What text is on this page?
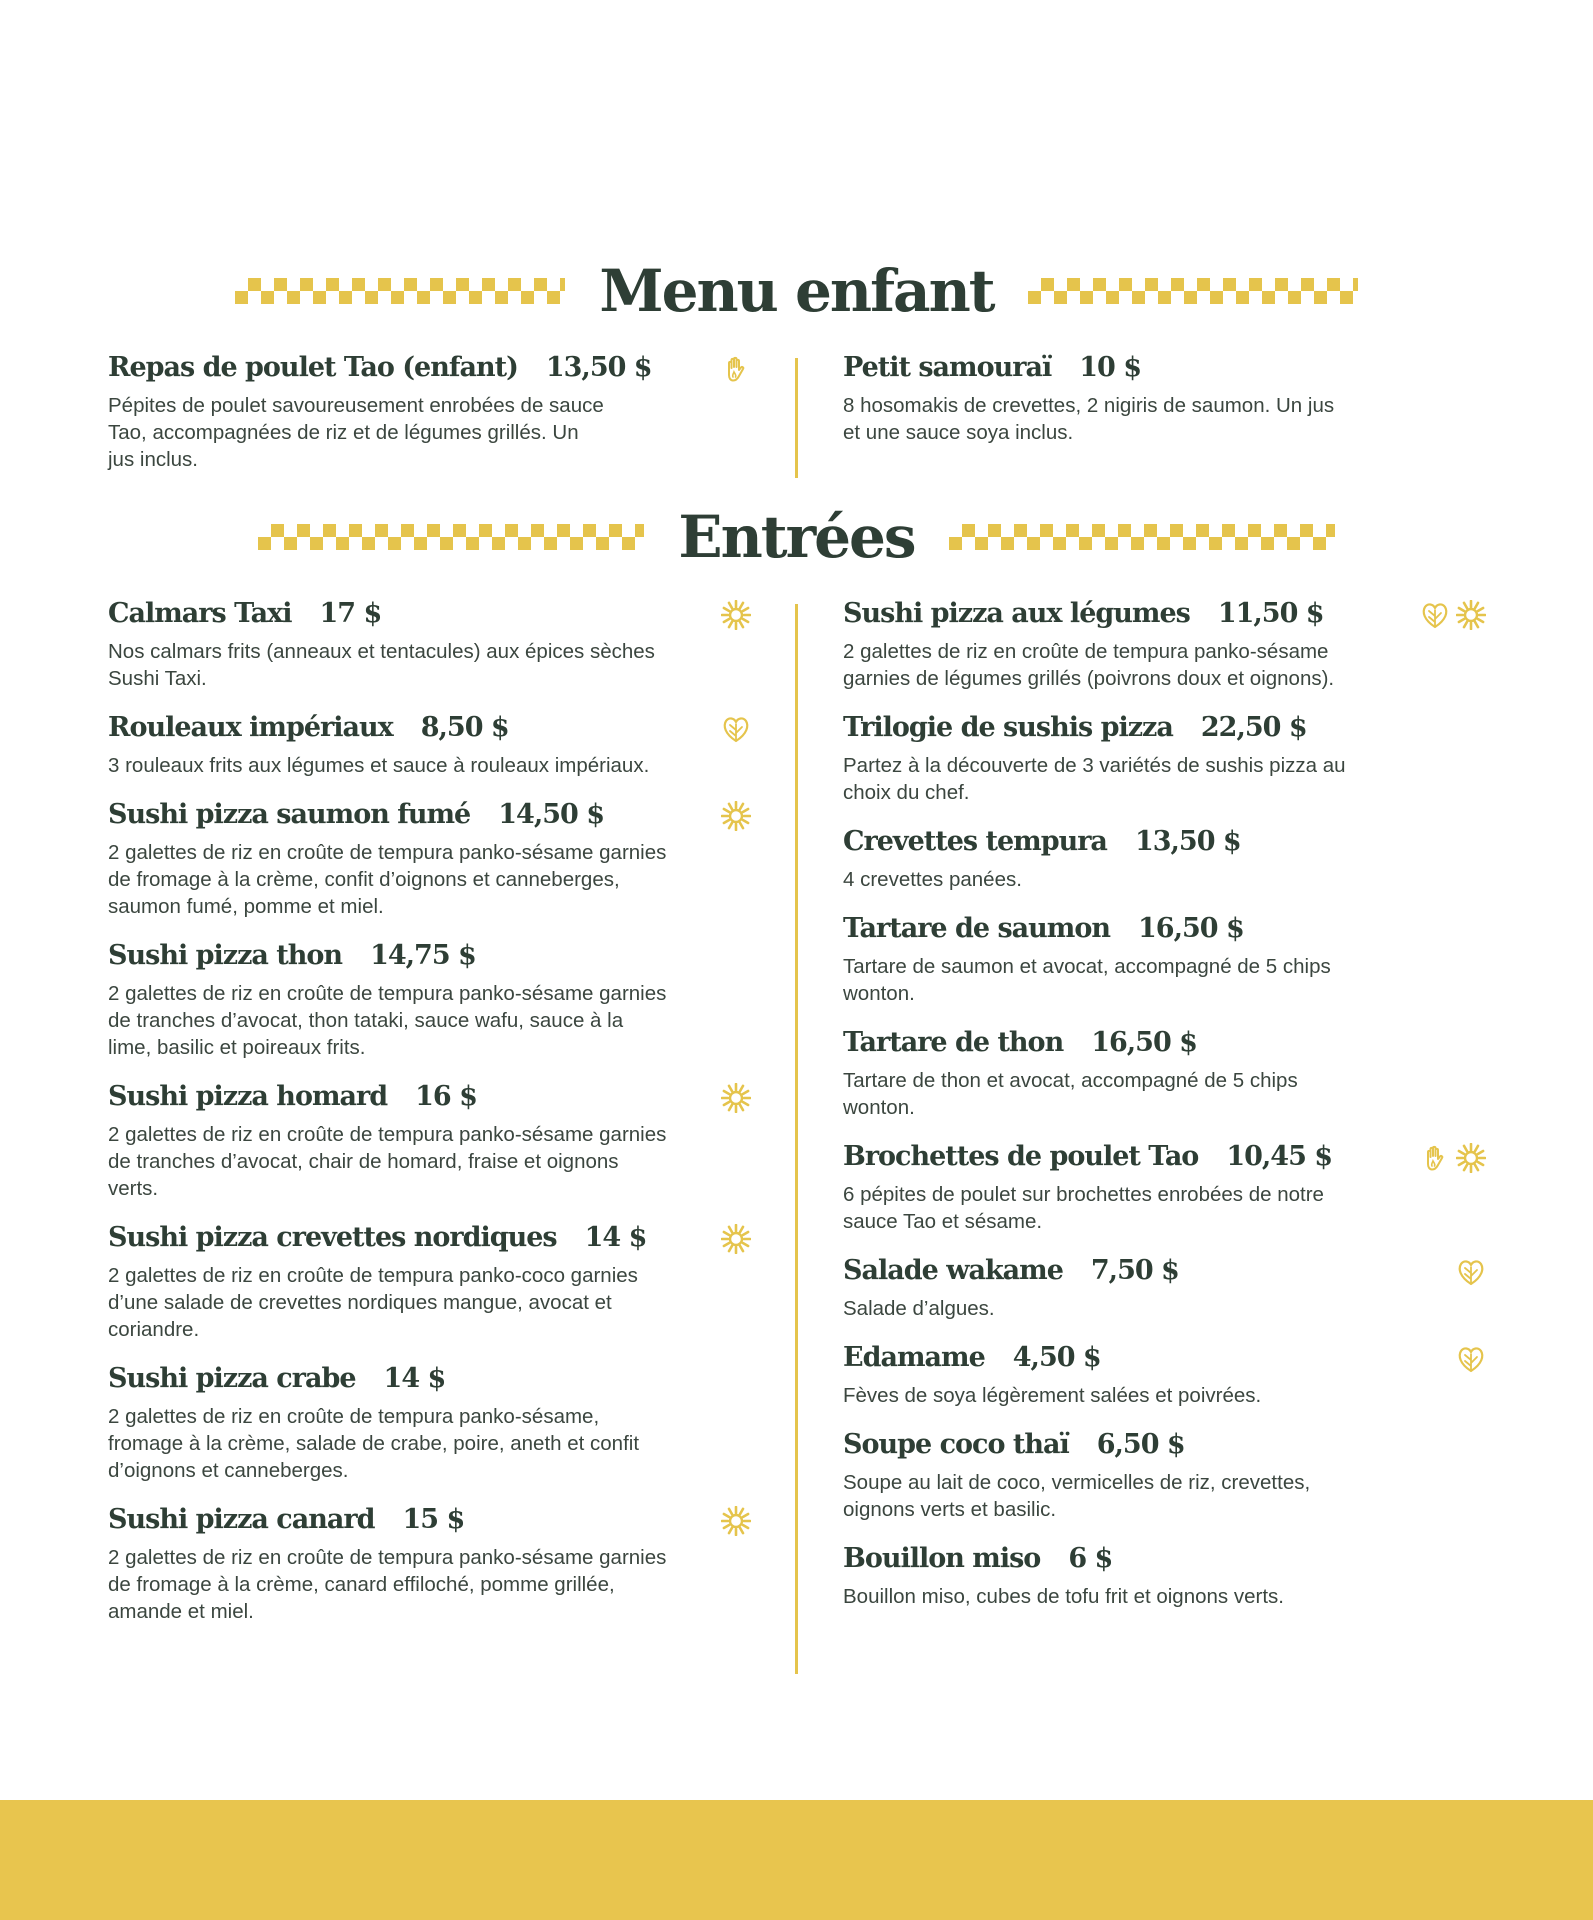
Menu enfant
Repas de poulet Tao (enfant) 13,50 $

Pépites de poulet savoureusement enrobées de sauce Tao, accompagnées de riz et de légumes grillés. Un jus inclus.

Petit samouraï 10 $

8 hosomakis de crevettes, 2 nigiris de saumon. Un jus et une sauce soya inclus.

Entrées
Calmars Taxi 17 $

Nos calmars frits (anneaux et tentacules) aux épices sèches Sushi Taxi.

Rouleaux impériaux 8,50 $

3 rouleaux frits aux légumes et sauce à rouleaux impériaux.

Sushi pizza saumon fumé 14,50 $

2 galettes de riz en croûte de tempura panko-sésame garnies de fromage à la crème, confit d’oignons et canneberges, saumon fumé, pomme et miel.

Sushi pizza thon 14,75 $

2 galettes de riz en croûte de tempura panko-sésame garnies de tranches d’avocat, thon tataki, sauce wafu, sauce à la lime, basilic et poireaux frits.

Sushi pizza homard 16 $

2 galettes de riz en croûte de tempura panko-sésame garnies de tranches d’avocat, chair de homard, fraise et oignons verts.

Sushi pizza crevettes nordiques 14 $

2 galettes de riz en croûte de tempura panko-coco garnies d’une salade de crevettes nordiques mangue, avocat et coriandre.

Sushi pizza crabe 14 $

2 galettes de riz en croûte de tempura panko-sésame, fromage à la crème, salade de crabe, poire, aneth et confit d’oignons et canneberges.

Sushi pizza canard 15 $

2 galettes de riz en croûte de tempura panko-sésame garnies de fromage à la crème, canard effiloché, pomme grillée, amande et miel.

Sushi pizza aux légumes 11,50 $

2 galettes de riz en croûte de tempura panko-sésame garnies de légumes grillés (poivrons doux et oignons).

Trilogie de sushis pizza 22,50 $

Partez à la découverte de 3 variétés de sushis pizza au choix du chef.

Crevettes tempura 13,50 $

4 crevettes panées.

Tartare de saumon 16,50 $

Tartare de saumon et avocat, accompagné de 5 chips wonton.

Tartare de thon 16,50 $

Tartare de thon et avocat, accompagné de 5 chips wonton.

Brochettes de poulet Tao 10,45 $

6 pépites de poulet sur brochettes enrobées de notre sauce Tao et sésame.

Salade wakame 7,50 $

Salade d’algues.

Edamame 4,50 $

Fèves de soya légèrement salées et poivrées.

Soupe coco thaï 6,50 $

Soupe au lait de coco, vermicelles de riz, crevettes, oignons verts et basilic.

Bouillon miso 6 $

Bouillon miso, cubes de tofu frit et oignons verts.
